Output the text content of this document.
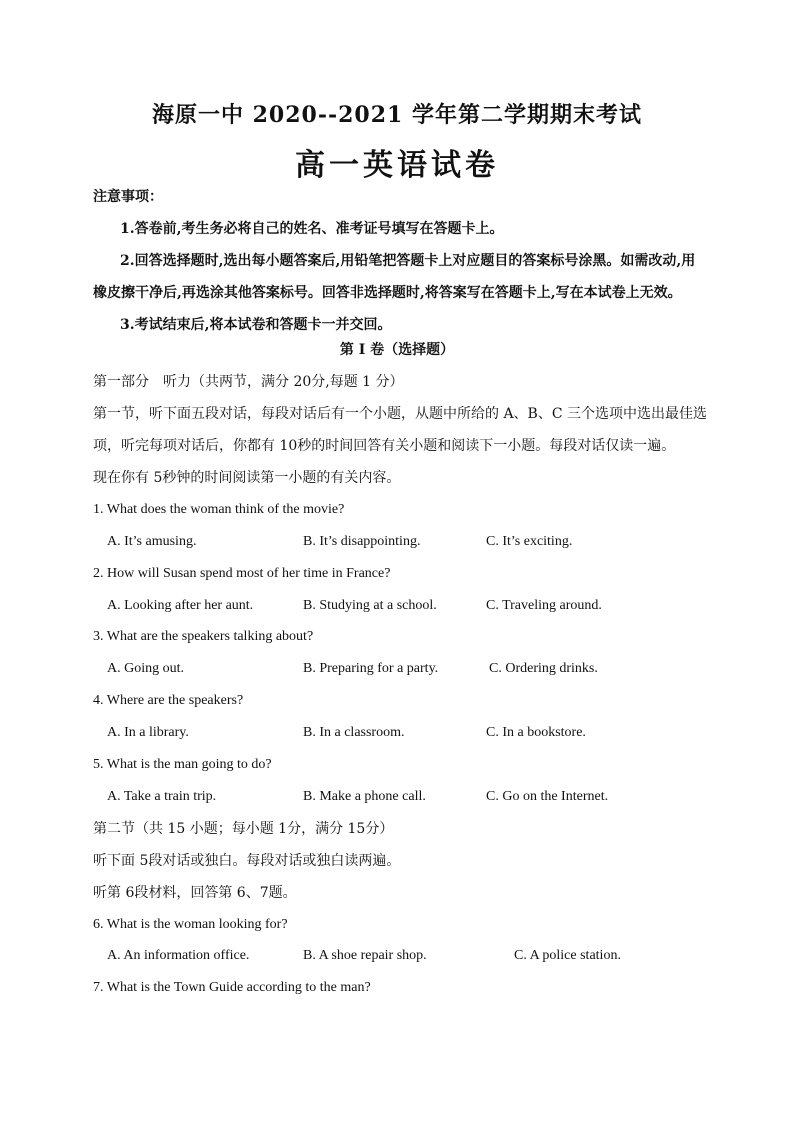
海原一中 2020--2021 学年第二学期期末考试
高一英语试卷
注意事项：
1.答卷前,考生务必将自己的姓名、准考证号填写在答题卡上。
2.回答选择题时,选出每小题答案后,用铅笔把答题卡上对应题目的答案标号涂黑。如需改动,用
橡皮擦干净后,再选涂其他答案标号。回答非选择题时,将答案写在答题卡上,写在本试卷上无效。
3.考试结束后,将本试卷和答题卡一并交回。
第 I 卷（选择题）
第一部分　听力（共两节，满分 20分,每题 1 分）
第一节，听下面五段对话，每段对话后有一个小题，从题中所给的 A、B、C 三个选项中选出最佳选
项，听完每项对话后，你都有 10秒的时间回答有关小题和阅读下一小题。每段对话仅读一遍。
现在你有 5秒钟的时间阅读第一小题的有关内容。
1. What does the woman think of the movie?
A. It’s amusing.	B. It’s disappointing.	C. It’s exciting.
2. How will Susan spend most of her time in France?
A. Looking after her aunt.	B. Studying at a school.	C. Traveling around.
3. What are the speakers talking about?
A. Going out.	B. Preparing for a party.	C. Ordering drinks.
4. Where are the speakers?
A. In a library.	B. In a classroom.	C. In a bookstore.
5. What is the man going to do?
A. Take a train trip.	B. Make a phone call.	C. Go on the Internet.
第二节（共 15 小题；每小题 1分，满分 15分）
听下面 5段对话或独白。每段对话或独白读两遍。
听第 6段材料，回答第 6、7题。
6. What is the woman looking for?
A. An information office.	B. A shoe repair shop.	C. A police station.
7. What is the Town Guide according to the man?
